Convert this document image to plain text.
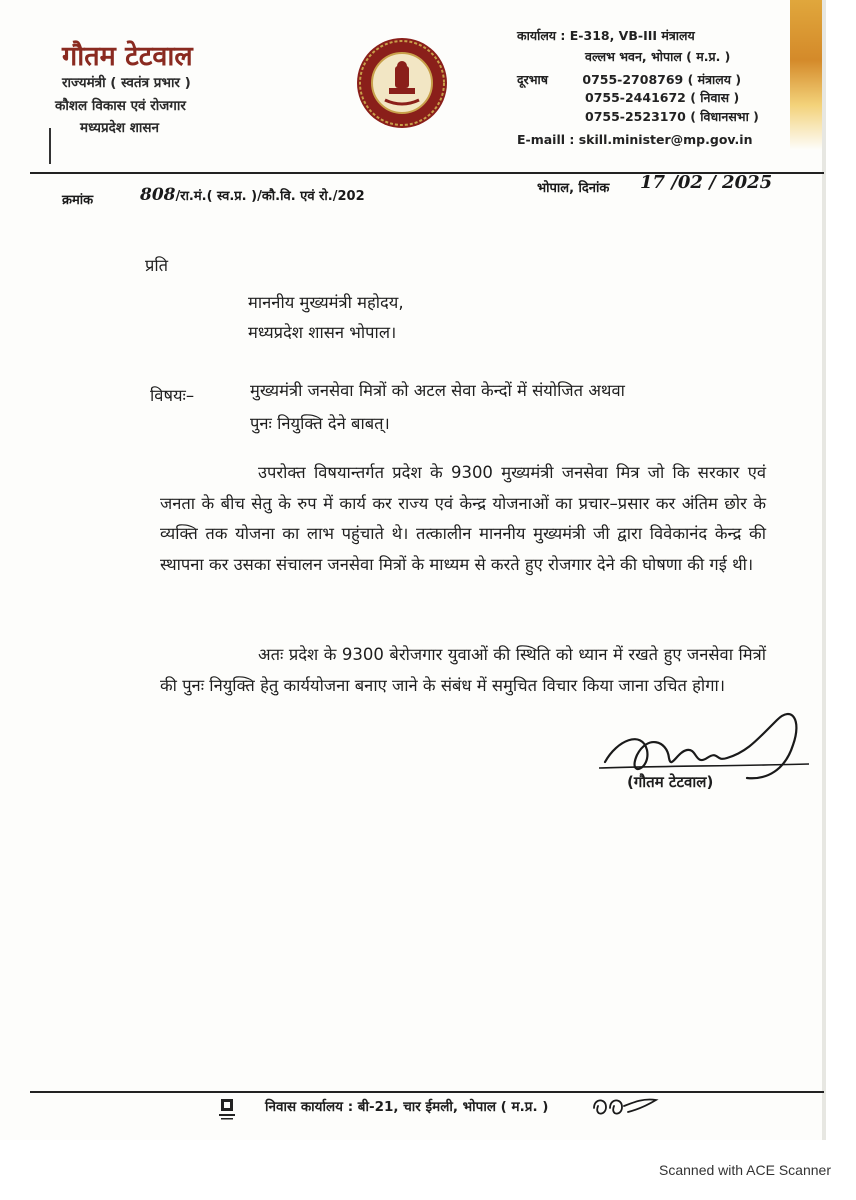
गौतम टेटवाल
राज्यमंत्री ( स्वतंत्र प्रभार )
कौशल विकास एवं रोजगार
मध्यप्रदेश शासन
कार्यालय : E-318, VB-III मंत्रालय
वल्लभ भवन, भोपाल ( म.प्र. )
दूरभाष	0755-2708769 ( मंत्रालय )
0755-2441672 ( निवास )
0755-2523170 ( विधानसभा )
E-maill : skill.minister@mp.gov.in
क्रमांक	808/रा.मं.( स्व.प्र. )/कौ.वि. एवं रो./202
भोपाल, दिनांक 17 /02 / 2025
प्रति
माननीय मुख्यमंत्री महोदय,
मध्यप्रदेश शासन भोपाल।
विषयः–	मुख्यमंत्री जनसेवा मित्रों को अटल सेवा केन्दों में संयोजित अथवा
पुनः नियुक्ति देने बाबत्।
उपरोक्त विषयान्तर्गत प्रदेश के 9300 मुख्यमंत्री जनसेवा मित्र जो कि सरकार एवं जनता के बीच सेतु के रुप में कार्य कर राज्य एवं केन्द्र योजनाओं का प्रचार–प्रसार कर अंतिम छोर के व्यक्ति तक योजना का लाभ पहुंचाते थे। तत्कालीन माननीय मुख्यमंत्री जी द्वारा विवेकानंद केन्द्र की स्थापना कर उसका संचालन जनसेवा मित्रों के माध्यम से करते हुए रोजगार देने की घोषणा की गई थी।
अतः प्रदेश के 9300 बेरोजगार युवाओं की स्थिति को ध्यान में रखते हुए जनसेवा मित्रों की पुनः नियुक्ति हेतु कार्ययोजना बनाए जाने के संबंध में समुचित विचार किया जाना उचित होगा।
(गौतम टेटवाल)
निवास कार्यालय : बी-21, चार ईमली, भोपाल ( म.प्र. )
Scanned with ACE Scanner
